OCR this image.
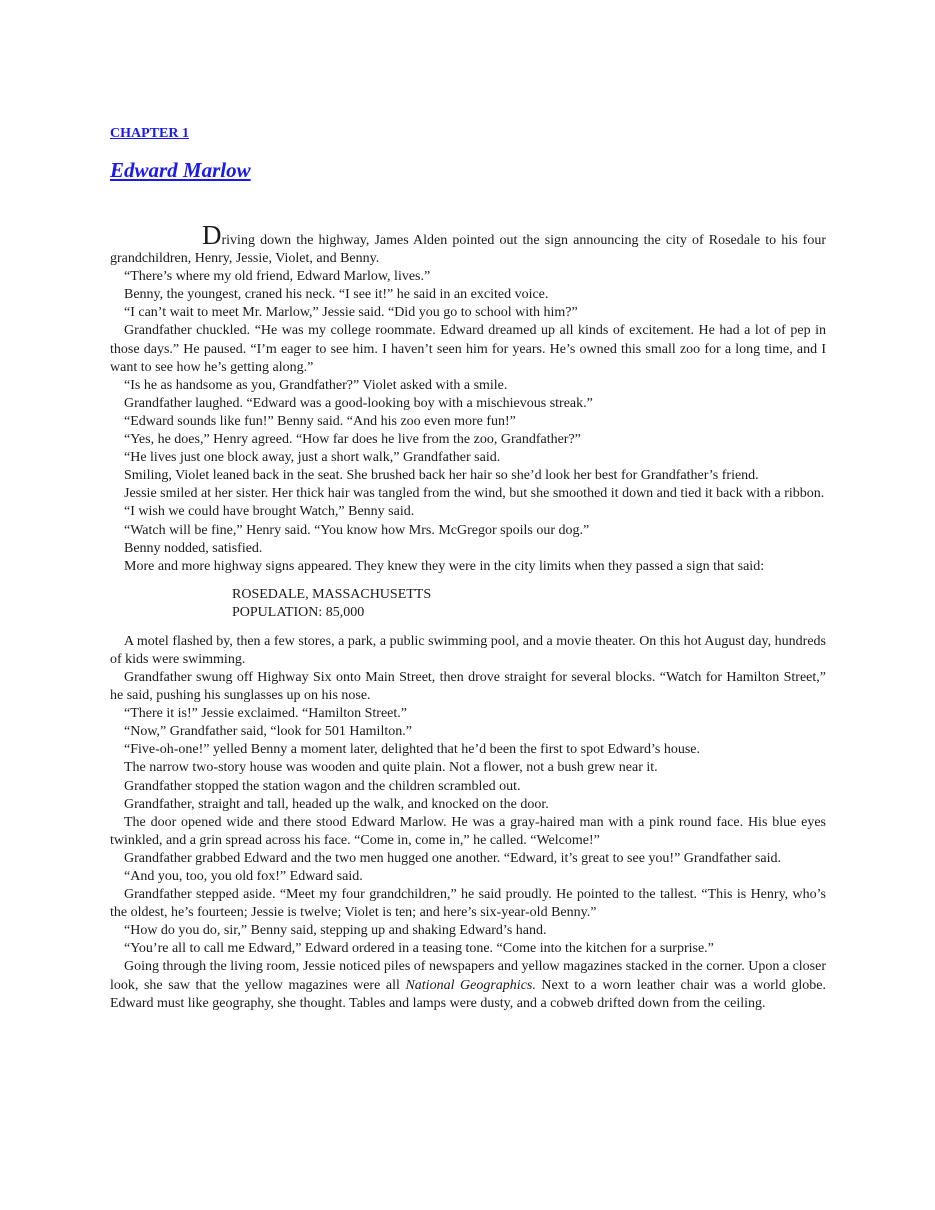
CHAPTER 1
Edward Marlow

Driving down the highway, James Alden pointed out the sign announcing the city of Rosedale to his four grandchildren, Henry, Jessie, Violet, and Benny.

“There’s where my old friend, Edward Marlow, lives.”

Benny, the youngest, craned his neck. “I see it!” he said in an excited voice.

“I can’t wait to meet Mr. Marlow,” Jessie said. “Did you go to school with him?”

Grandfather chuckled. “He was my college roommate. Edward dreamed up all kinds of excitement. He had a lot of pep in those days.” He paused. “I’m eager to see him. I haven’t seen him for years. He’s owned this small zoo for a long time, and I want to see how he’s getting along.”

“Is he as handsome as you, Grandfather?” Violet asked with a smile.

Grandfather laughed. “Edward was a good-looking boy with a mischievous streak.”

“Edward sounds like fun!” Benny said. “And his zoo even more fun!”

“Yes, he does,” Henry agreed. “How far does he live from the zoo, Grandfather?”

“He lives just one block away, just a short walk,” Grandfather said.

Smiling, Violet leaned back in the seat. She brushed back her hair so she’d look her best for Grandfather’s friend.

Jessie smiled at her sister. Her thick hair was tangled from the wind, but she smoothed it down and tied it back with a ribbon.

“I wish we could have brought Watch,” Benny said.

“Watch will be fine,” Henry said. “You know how Mrs. McGregor spoils our dog.”

Benny nodded, satisfied.

More and more highway signs appeared. They knew they were in the city limits when they passed a sign that said:

ROSEDALE, MASSACHUSETTS
POPULATION: 85,000

A motel flashed by, then a few stores, a park, a public swimming pool, and a movie theater. On this hot August day, hundreds of kids were swimming.

Grandfather swung off Highway Six onto Main Street, then drove straight for several blocks. “Watch for Hamilton Street,” he said, pushing his sunglasses up on his nose.

“There it is!” Jessie exclaimed. “Hamilton Street.”

“Now,” Grandfather said, “look for 501 Hamilton.”

“Five-oh-one!” yelled Benny a moment later, delighted that he’d been the first to spot Edward’s house.

The narrow two-story house was wooden and quite plain. Not a flower, not a bush grew near it.

Grandfather stopped the station wagon and the children scrambled out.

Grandfather, straight and tall, headed up the walk, and knocked on the door.

The door opened wide and there stood Edward Marlow. He was a gray-haired man with a pink round face. His blue eyes twinkled, and a grin spread across his face. “Come in, come in,” he called. “Welcome!”

Grandfather grabbed Edward and the two men hugged one another. “Edward, it’s great to see you!” Grandfather said.

“And you, too, you old fox!” Edward said.

Grandfather stepped aside. “Meet my four grandchildren,” he said proudly. He pointed to the tallest. “This is Henry, who’s the oldest, he’s fourteen; Jessie is twelve; Violet is ten; and here’s six-year-old Benny.”

“How do you do, sir,” Benny said, stepping up and shaking Edward’s hand.

“You’re all to call me Edward,” Edward ordered in a teasing tone. “Come into the kitchen for a surprise.”

Going through the living room, Jessie noticed piles of newspapers and yellow magazines stacked in the corner. Upon a closer look, she saw that the yellow magazines were all National Geographics. Next to a worn leather chair was a world globe. Edward must like geography, she thought. Tables and lamps were dusty, and a cobweb drifted down from the ceiling.
